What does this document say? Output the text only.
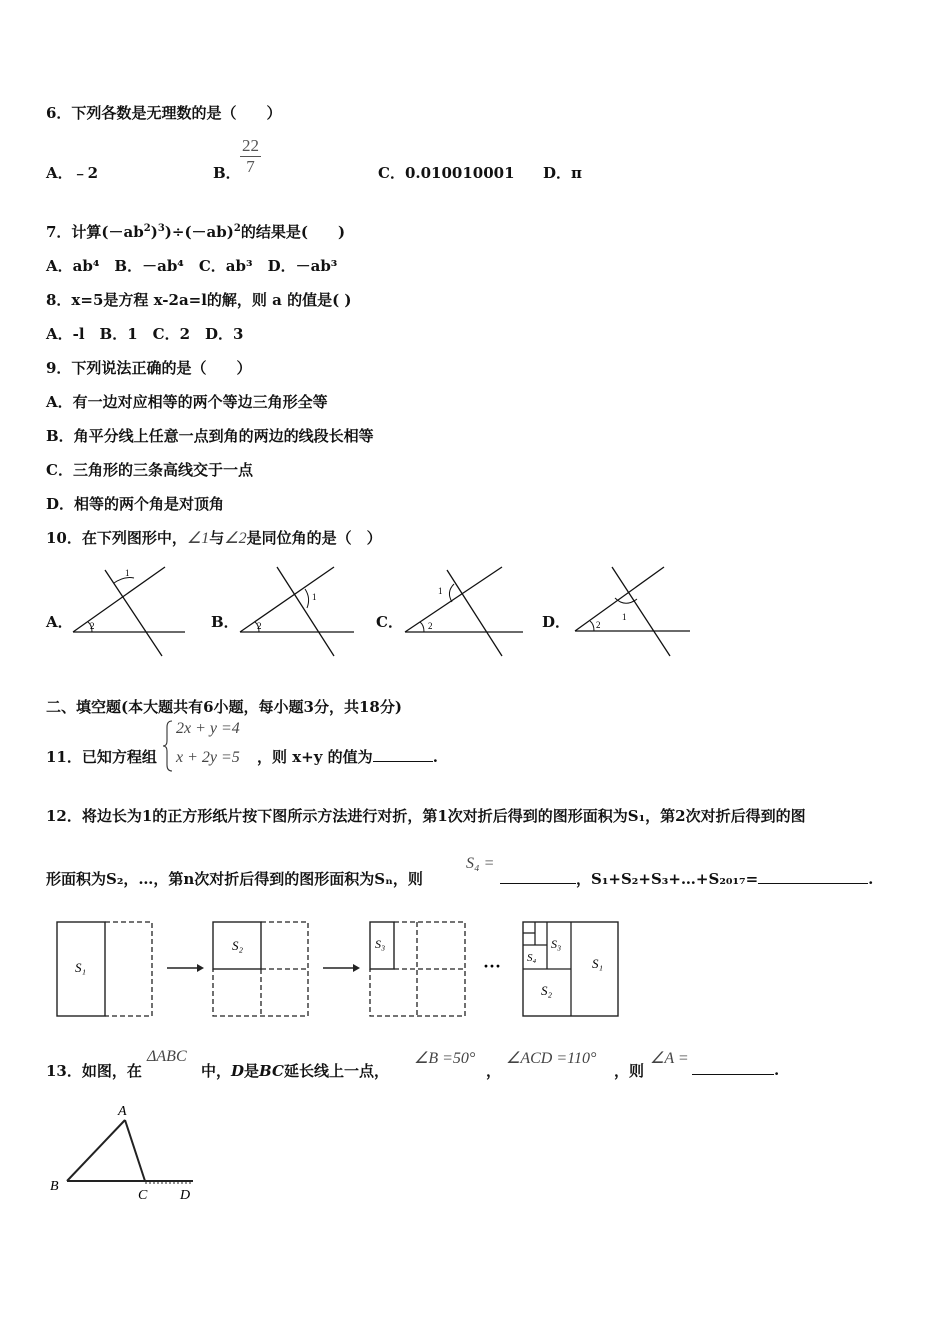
6．下列各数是无理数的是（　　）
A．﹣2	B． $\frac{22}{7}$	C．0.010010001 D．π
7．计算$(-ab^2)^3)\div(-ab)^2$的结果是(　　)
A．ab⁴　B．－ab⁴　C．ab³　D．－ab³
8．x=5是方程 x-2a=l的解，则 a 的值是( )
A．-l　B．1　C．2　D．3
9．下列说法正确的是（　　）
A．有一边对应相等的两个等边三角形全等
B．角平分线上任意一点到角的两边的线段长相等
C．三角形的三条高线交于一点
D．相等的两个角是对顶角
10．在下列图形中，∠1与∠2是同位角的是（　）
A．	B．	C．	D．
1
2
1
2
1
2
1
2
二、填空题(本大题共有6小题，每小题3分，共18分)
11．已知方程组
2x + y =4
x + 2y =5 ，则 x+y 的值为	.
12．将边长为1的正方形纸片按下图所示方法进行对折，第1次对折后得到的图形面积为S₁，第2次对折后得到的图
形面积为S₂，…，第n次对折后得到的图形面积为Sₙ，则
S₄ =
，S₁+S₂+S₃+…+S₂₀₁₇=	.
S₁
S₂	S₃
···	S₁
S₂
S₃
S₄
13．如图，在
ΔABC
中，D是BC延长线上一点，
∠B =50°
，
∠ACD =110°
，则
∠A =
.
A
B
C D
